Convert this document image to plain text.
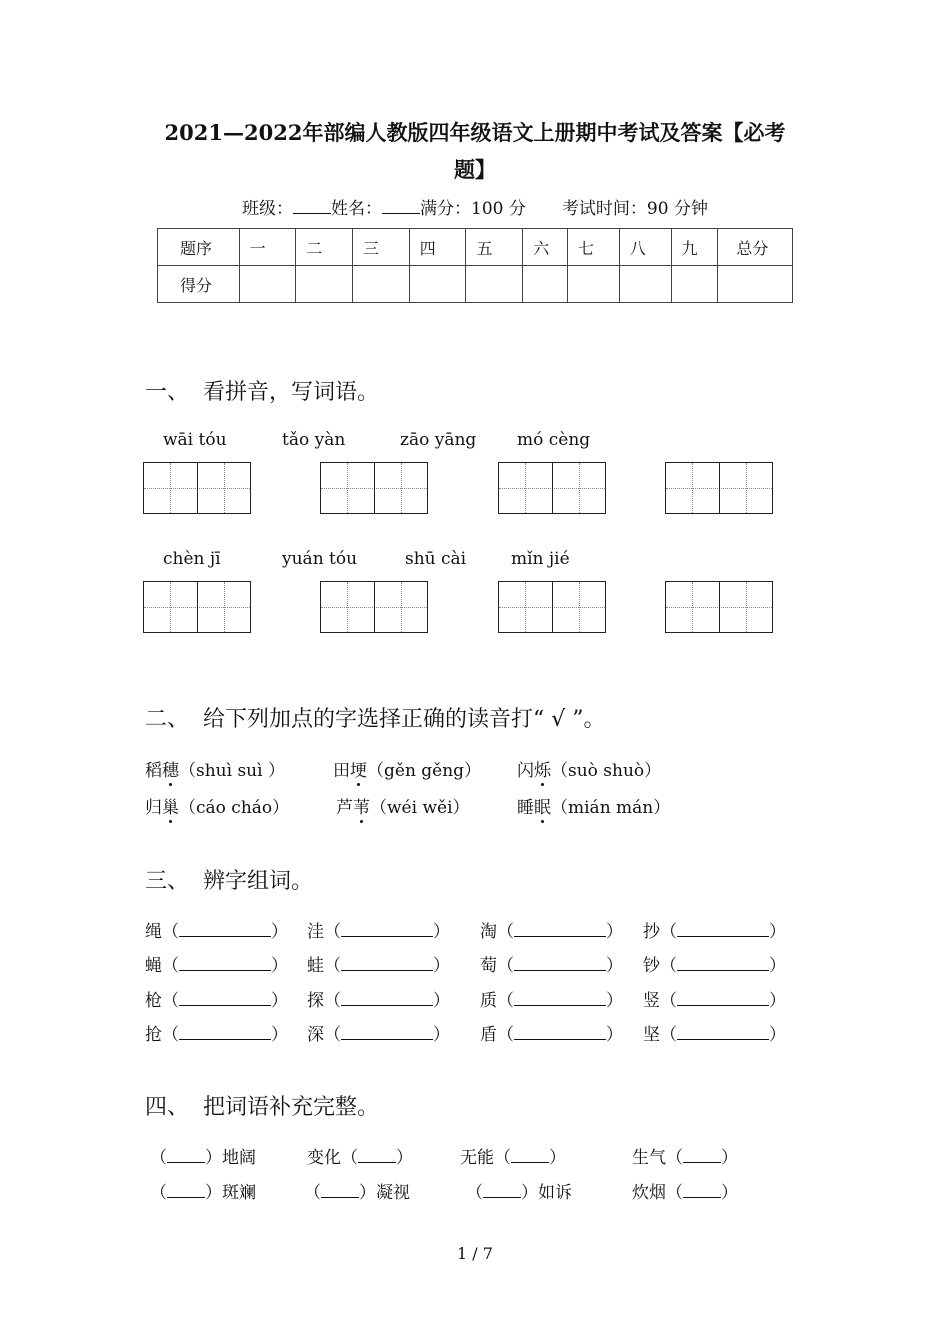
2021—2022年部编人教版四年级语文上册期中考试及答案【必考
题】
班级： 姓名： 满分：100 分 考试时间：90 分钟
题序	一	二	三	四	五	六	七	八	九	总分
得分										
一、 看拼音，写词语。
wāi tóu	tǎo yàn	zāo yāng mó cèng
chèn jī	yuán tóu	shū cài	mǐn jié
二、 给下列加点的字选择正确的读音打“ √ ”。
稻穗（shuì suì ）	田埂（gěn gěng） 闪烁（suò shuò）
归巢（cáo cháo）	芦苇（wéi wěi）	睡眠（mián mán）
三、 辨字组词。
绳（	） 洼（	） 淘（	） 抄（	）
蝇（	） 蛙（	） 萄（	） 钞（	）
枪（	） 探（	） 质（	） 竖（	）
抢（	） 深（	） 盾（	） 坚（	）
四、 把词语补充完整。
（ ）地阔	变化（ ）	无能（ ）	生气（ ）
（ ）斑斓	（ ）凝视	（ ）如诉	炊烟（ ）
1 / 7
